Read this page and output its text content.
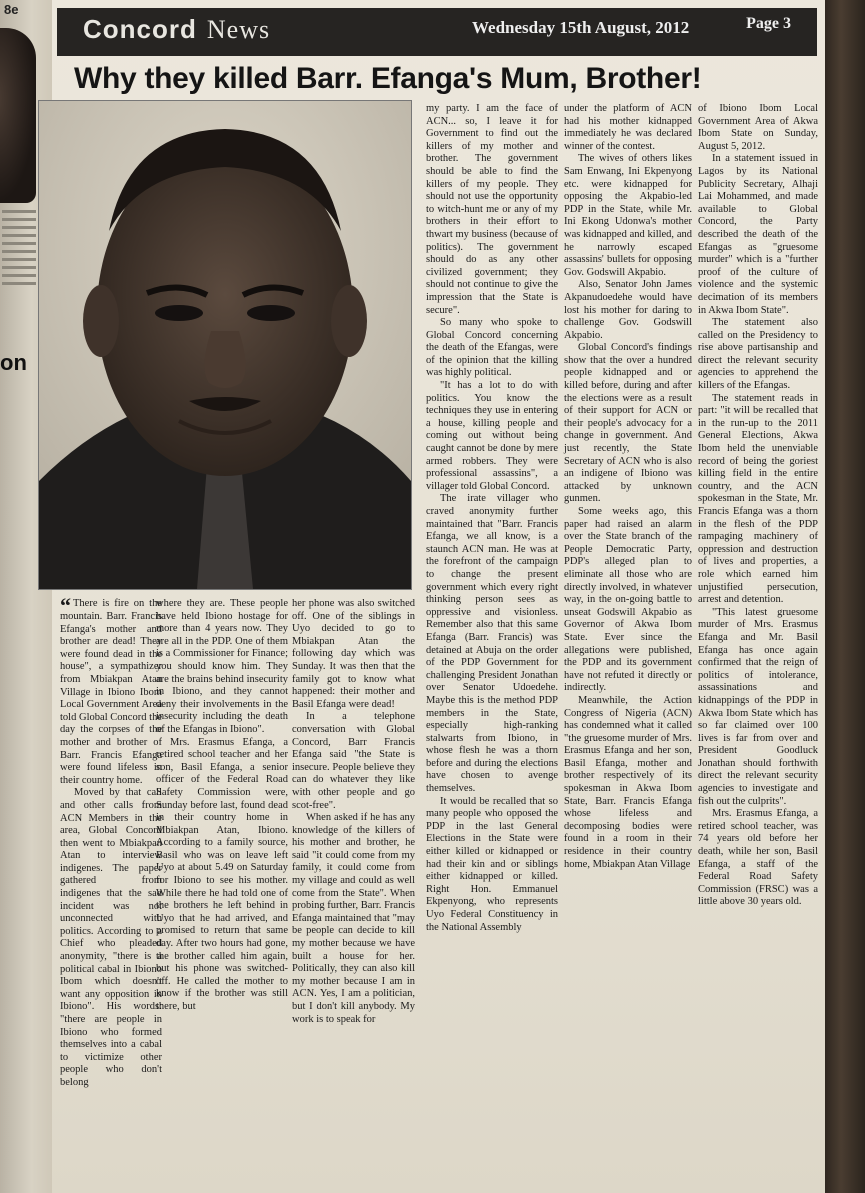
8e
on
Concord News	Wednesday 15th August, 2012	Page 3
Why they killed Barr. Efanga's Mum, Brother!

“ There is fire on the mountain. Barr. Francis Efanga's mother and brother are dead! They were found dead in the house", a sympathizer from Mbiakpan Atan Village in Ibiono Ibom Local Government Area told Global Concord the day the corpses of the mother and brother of Barr. Francis Efanga were found lifeless in their country home.

Moved by that call and other calls from ACN Members in the area, Global Concord then went to Mbiakpan Atan to interview indigenes. The paper gathered from indigenes that the sad incident was not unconnected with politics. According to a Chief who pleaded anonymity, "there is a political cabal in Ibiono Ibom which doesn't want any opposition in Ibiono". His words: "there are people in Ibiono who formed themselves into a cabal to victimize other people who don't belong

where they are. These people have held Ibiono hostage for more than 4 years now. They are all in the PDP. One of them is a Commissioner for Finance; you should know him. They are the brains behind insecurity in Ibiono, and they cannot deny their involvements in the insecurity including the death of the Efangas in Ibiono".

Mrs. Erasmus Efanga, a retired school teacher and her son, Basil Efanga, a senior officer of the Federal Road Safety Commission were, Sunday before last, found dead in their country home in Mbiakpan Atan, Ibiono. According to a family source, Basil who was on leave left Uyo at about 5.49 on Saturday for Ibiono to see his mother. While there he had told one of the brothers he left behind in Uyo that he had arrived, and promised to return that same day. After two hours had gone, the brother called him again, but his phone was switched-off. He called the mother to know if the brother was still there, but

her phone was also switched off. One of the siblings in Uyo decided to go to Mbiakpan Atan the following day which was Sunday. It was then that the family got to know what happened: their mother and Basil Efanga were dead!

In a telephone conversation with Global Concord, Barr Francis Efanga said "the State is insecure. People believe they can do whatever they like with other people and go scot-free".

When asked if he has any knowledge of the killers of his mother and brother, he said "it could come from my family, it could come from my village and could as well come from the State". When probing further, Barr. Francis Efanga maintained that "may be people can decide to kill my mother because we have built a house for her. Politically, they can also kill my mother because I am in ACN. Yes, I am a politician, but I don't kill anybody. My work is to speak for

my party. I am the face of ACN... so, I leave it for Government to find out the killers of my mother and brother. The government should be able to find the killers of my people. They should not use the opportunity to witch-hunt me or any of my brothers in their effort to thwart my business (because of politics). The government should do as any other civilized government; they should not continue to give the impression that the State is secure".

So many who spoke to Global Concord concerning the death of the Efangas, were of the opinion that the killing was highly political.

"It has a lot to do with politics. You know the techniques they use in entering a house, killing people and coming out without being caught cannot be done by mere armed robbers. They were professional assassins", a villager told Global Concord.

The irate villager who craved anonymity further maintained that "Barr. Francis Efanga, we all know, is a staunch ACN man. He was at the forefront of the campaign to change the present government which every right thinking person sees as oppressive and visionless. Remember also that this same Efanga (Barr. Francis) was detained at Abuja on the order of the PDP Government for challenging President Jonathan over Senator Udoedehe. Maybe this is the method PDP members in the State, especially high-ranking stalwarts from Ibiono, in whose flesh he was a thorn before and during the elections have chosen to avenge themselves.

It would be recalled that so many people who opposed the PDP in the last General Elections in the State were either killed or kidnapped or had their kin and or siblings either kidnapped or killed. Right Hon. Emmanuel Ekpenyong, who represents Uyo Federal Constituency in the National Assembly

under the platform of ACN had his mother kidnapped immediately he was declared winner of the contest.

The wives of others likes Sam Enwang, Ini Ekpenyong etc. were kidnapped for opposing the Akpabio-led PDP in the State, while Mr. Ini Ekong Udonwa's mother was kidnapped and killed, and he narrowly escaped assassins' bullets for opposing Gov. Godswill Akpabio.

Also, Senator John James Akpanudoedehe would have lost his mother for daring to challenge Gov. Godswill Akpabio.

Global Concord's findings show that the over a hundred people kidnapped and or killed before, during and after the elections were as a result of their support for ACN or their people's advocacy for a change in government. And just recently, the State Secretary of ACN who is also an indigene of Ibiono was attacked by unknown gunmen.

Some weeks ago, this paper had raised an alarm over the State branch of the People Democratic Party, PDP's alleged plan to eliminate all those who are directly involved, in whatever way, in the on-going battle to unseat Godswill Akpabio as Governor of Akwa Ibom State. Ever since the allegations were published, the PDP and its government have not refuted it directly or indirectly.

Meanwhile, the Action Congress of Nigeria (ACN) has condemned what it called "the gruesome murder of Mrs. Erasmus Efanga and her son, Basil Efanga, mother and brother respectively of its spokesman in Akwa Ibom State, Barr. Francis Efanga whose lifeless and decomposing bodies were found in a room in their residence in their country home, Mbiakpan Atan Village

of Ibiono Ibom Local Government Area of Akwa Ibom State on Sunday, August 5, 2012.

In a statement issued in Lagos by its National Publicity Secretary, Alhaji Lai Mohammed, and made available to Global Concord, the Party described the death of the Efangas as "gruesome murder" which is a "further proof of the culture of violence and the systemic decimation of its members in Akwa Ibom State".

The statement also called on the Presidency to rise above partisanship and direct the relevant security agencies to apprehend the killers of the Efangas.

The statement reads in part: "it will be recalled that in the run-up to the 2011 General Elections, Akwa Ibom held the unenviable record of being the goriest killing field in the entire country, and the ACN spokesman in the State, Mr. Francis Efanga was a thorn in the flesh of the PDP rampaging machinery of oppression and destruction of lives and properties, a role which earned him unjustified persecution, arrest and detention.

"This latest gruesome murder of Mrs. Erasmus Efanga and Mr. Basil Efanga has once again confirmed that the reign of politics of intolerance, assassinations and kidnappings of the PDP in Akwa Ibom State which has so far claimed over 100 lives is far from over and President Goodluck Jonathan should forthwith direct the relevant security agencies to investigate and fish out the culprits".

Mrs. Erasmus Efanga, a retired school teacher, was 74 years old before her death, while her son, Basil Efanga, a staff of the Federal Road Safety Commission (FRSC) was a little above 30 years old.
